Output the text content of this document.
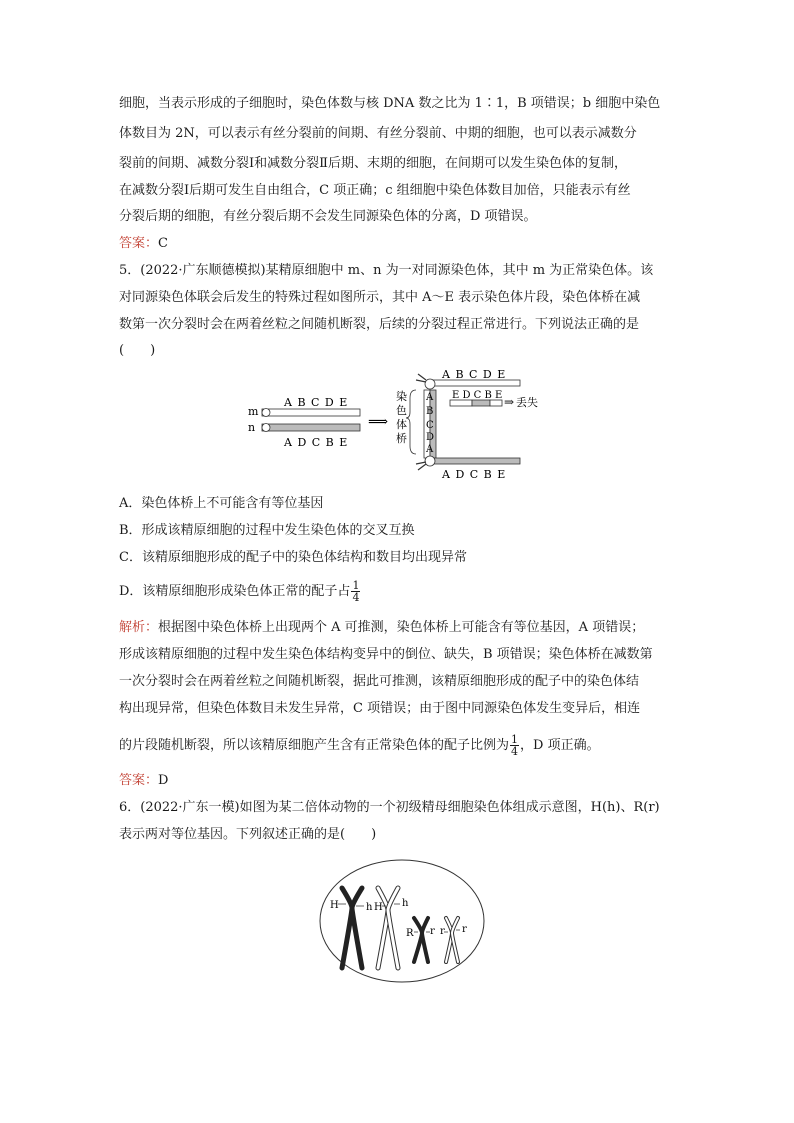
细胞，当表示形成的子细胞时，染色体数与核 DNA 数之比为 1∶1，B 项错误；b 细胞中染色
体数目为 2N，可以表示有丝分裂前的间期、有丝分裂前、中期的细胞，也可以表示减数分
裂前的间期、减数分裂Ⅰ和减数分裂Ⅱ后期、末期的细胞，在间期可以发生染色体的复制，
在减数分裂Ⅰ后期可发生自由组合，C 项正确；c 组细胞中染色体数目加倍，只能表示有丝
分裂后期的细胞，有丝分裂后期不会发生同源染色体的分离，D 项错误。
答案：C
5．(2022·广东顺德模拟)某精原细胞中 m、n 为一对同源染色体，其中 m 为正常染色体。该
对同源染色体联会后发生的特殊过程如图所示，其中 A～E 表示染色体片段，染色体桥在减
数第一次分裂时会在两着丝粒之间随机断裂，后续的分裂过程正常进行。下列说法正确的是
(　　)
m
n
A B C D E
A D C B E
⟹
染
色
体
桥
A B C D E
A
B
C
D
A
E D C B E ⇒ 丢失
A D C B E
A．染色体桥上不可能含有等位基因
B．形成该精原细胞的过程中发生染色体的交叉互换
C．该精原细胞形成的配子中的染色体结构和数目均出现异常
D．该精原细胞形成染色体正常的配子占 $\frac{1}{4}$
解析：根据图中染色体桥上出现两个 A 可推测，染色体桥上可能含有等位基因，A 项错误；
形成该精原细胞的过程中发生染色体结构变异中的倒位、缺失，B 项错误；染色体桥在减数第
一次分裂时会在两着丝粒之间随机断裂，据此可推测，该精原细胞形成的配子中的染色体结
构出现异常，但染色体数目未发生异常，C 项错误；由于图中同源染色体发生变异后，相连
的片段随机断裂，所以该精原细胞产生含有正常染色体的配子比例为 $\frac{1}{4}$ ，D 项正确。
答案：D
6．(2022·广东一模)如图为某二倍体动物的一个初级精母细胞染色体组成示意图，H(h)、R(r)
表示两对等位基因。下列叙述正确的是(　　)
H	h H h
R r r r
